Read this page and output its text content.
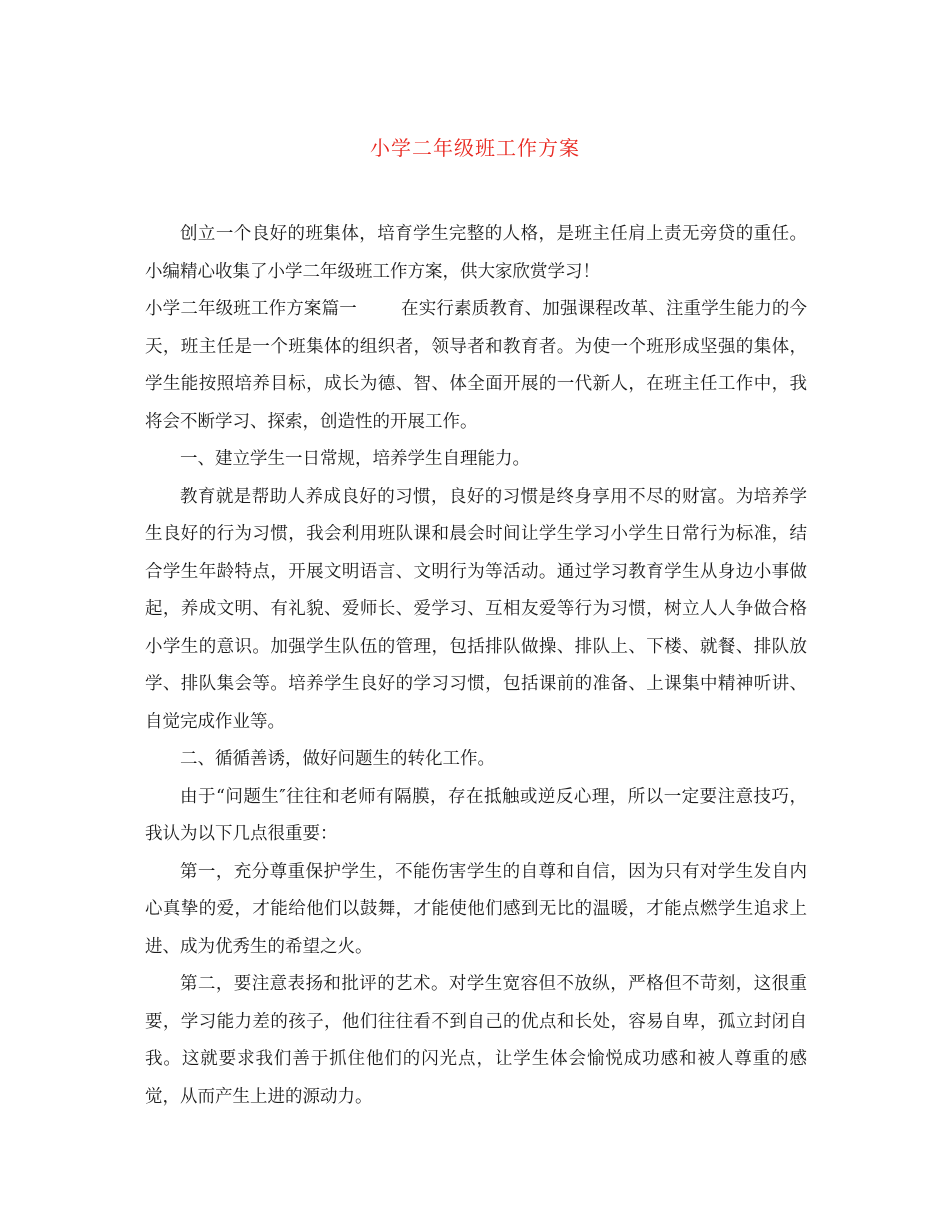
小学二年级班工作方案

创立一个良好的班集体，培育学生完整的人格，是班主任肩上责无旁贷的重任。小编精心收集了小学二年级班工作方案，供大家欣赏学习！

小学二年级班工作方案篇一	在实行素质教育、加强课程改革、注重学生能力的今天，班主任是一个班集体的组织者，领导者和教育者。为使一个班形成坚强的集体，学生能按照培养目标，成长为德、智、体全面开展的一代新人，在班主任工作中，我将会不断学习、探索，创造性的开展工作。

一、建立学生一日常规，培养学生自理能力。

教育就是帮助人养成良好的习惯，良好的习惯是终身享用不尽的财富。为培养学生良好的行为习惯，我会利用班队课和晨会时间让学生学习小学生日常行为标准，结合学生年龄特点，开展文明语言、文明行为等活动。通过学习教育学生从身边小事做起，养成文明、有礼貌、爱师长、爱学习、互相友爱等行为习惯，树立人人争做合格小学生的意识。加强学生队伍的管理，包括排队做操、排队上、下楼、就餐、排队放学、排队集会等。培养学生良好的学习习惯，包括课前的准备、上课集中精神听讲、自觉完成作业等。

二、循循善诱，做好问题生的转化工作。

由于“问题生″往往和老师有隔膜，存在抵触或逆反心理，所以一定要注意技巧，我认为以下几点很重要：

第一，充分尊重保护学生，不能伤害学生的自尊和自信，因为只有对学生发自内心真挚的爱，才能给他们以鼓舞，才能使他们感到无比的温暖，才能点燃学生追求上进、成为优秀生的希望之火。

第二，要注意表扬和批评的艺术。对学生宽容但不放纵，严格但不苛刻，这很重要，学习能力差的孩子，他们往往看不到自己的优点和长处，容易自卑，孤立封闭自我。这就要求我们善于抓住他们的闪光点，让学生体会愉悦成功感和被人尊重的感觉，从而产生上进的源动力。
